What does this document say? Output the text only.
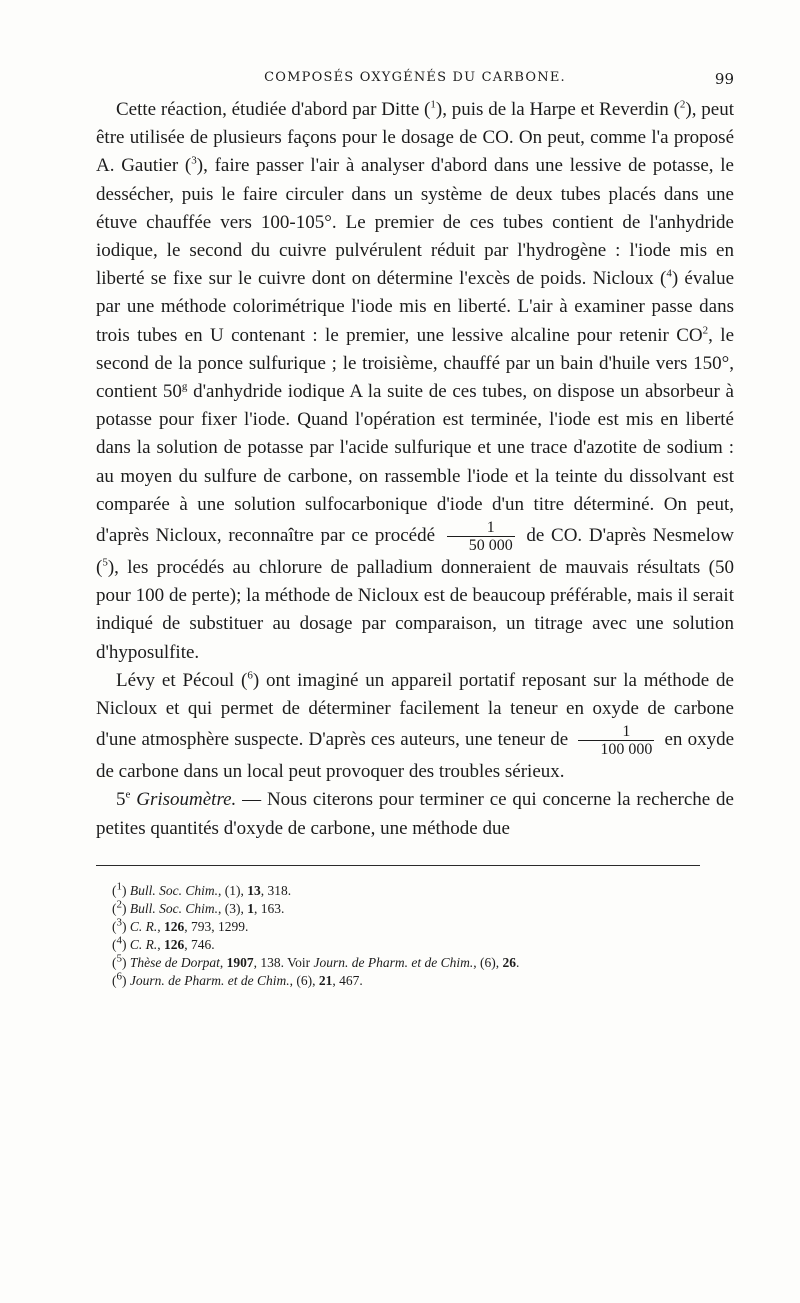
COMPOSÉS OXYGÉNÉS DU CARBONE.	99

Cette réaction, étudiée d'abord par Ditte ($^1$), puis de la Harpe et Reverdin ($^2$), peut être utilisée de plusieurs façons pour le dosage de CO. On peut, comme l'a proposé A. Gautier ($^3$), faire passer l'air à analyser d'abord dans une lessive de potasse, le dessécher, puis le faire circuler dans un système de deux tubes placés dans une étuve chauffée vers 100-105°. Le premier de ces tubes contient de l'anhydride iodique, le second du cuivre pulvérulent réduit par l'hydrogène : l'iode mis en liberté se fixe sur le cuivre dont on détermine l'excès de poids. Nicloux ($^4$) évalue par une méthode colorimétrique l'iode mis en liberté. L'air à examiner passe dans trois tubes en U contenant : le premier, une lessive alcaline pour retenir $CO^2$, le second de la ponce sulfurique ; le troisième, chauffé par un bain d'huile vers 150°, contient 50$^g$ d'anhydride iodique A la suite de ces tubes, on dispose un absorbeur à potasse pour fixer l'iode. Quand l'opération est terminée, l'iode est mis en liberté dans la solution de potasse par l'acide sulfurique et une trace d'azotite de sodium : au moyen du sulfure de carbone, on rassemble l'iode et la teinte du dissolvant est comparée à une solution sulfocarbonique d'iode d'un titre déterminé. On peut, d'après Nicloux, reconnaître par ce procédé $\frac{1}{50 000}$ de CO. D'après Nesmelow ($^5$), les procédés au chlorure de palladium donneraient de mauvais résultats (50 pour 100 de perte); la méthode de Nicloux est de beaucoup préférable, mais il serait indiqué de substituer au dosage par comparaison, un titrage avec une solution d'hyposulfite.

Lévy et Pécoul ($^6$) ont imaginé un appareil portatif reposant sur la méthode de Nicloux et qui permet de déterminer facilement la teneur en oxyde de carbone d'une atmosphère suspecte. D'après ces auteurs, une teneur de $\frac{1}{100 000}$ en oxyde de carbone dans un local peut provoquer des troubles sérieux.

5e Grisoumètre. — Nous citerons pour terminer ce qui concerne la recherche de petites quantités d'oxyde de carbone, une méthode due

($^1$) Bull. Soc. Chim., (1), 13, 318.
($^2$) Bull. Soc. Chim., (3), 1, 163.
($^3$) C. R., 126, 793, 1299.
($^4$) C. R., 126, 746.
($^5$) Thèse de Dorpat, 1907, 138. Voir Journ. de Pharm. et de Chim., (6), 26.
($^6$) Journ. de Pharm. et de Chim., (6), 21, 467.
